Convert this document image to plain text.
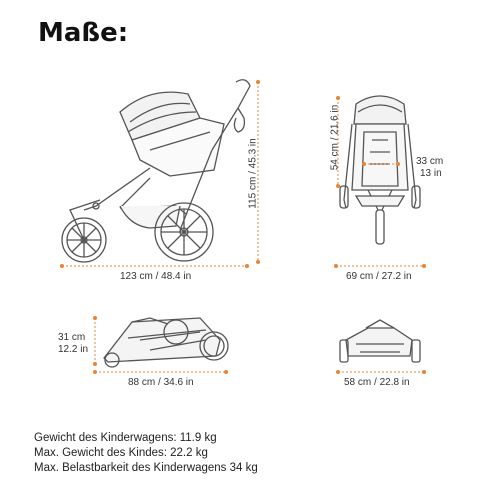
Maße:
123 cm / 48.4 in
115 cm / 45.3 in
69 cm / 27.2 in
54 cm / 21.6 in	33 cm
13 in
88 cm / 34.6 in
31 cm
12.2 in
58 cm / 22.8 in
Gewicht des Kinderwagens: 11.9 kg
Max. Gewicht des Kindes: 22.2 kg
Max. Belastbarkeit des Kinderwagens 34 kg
